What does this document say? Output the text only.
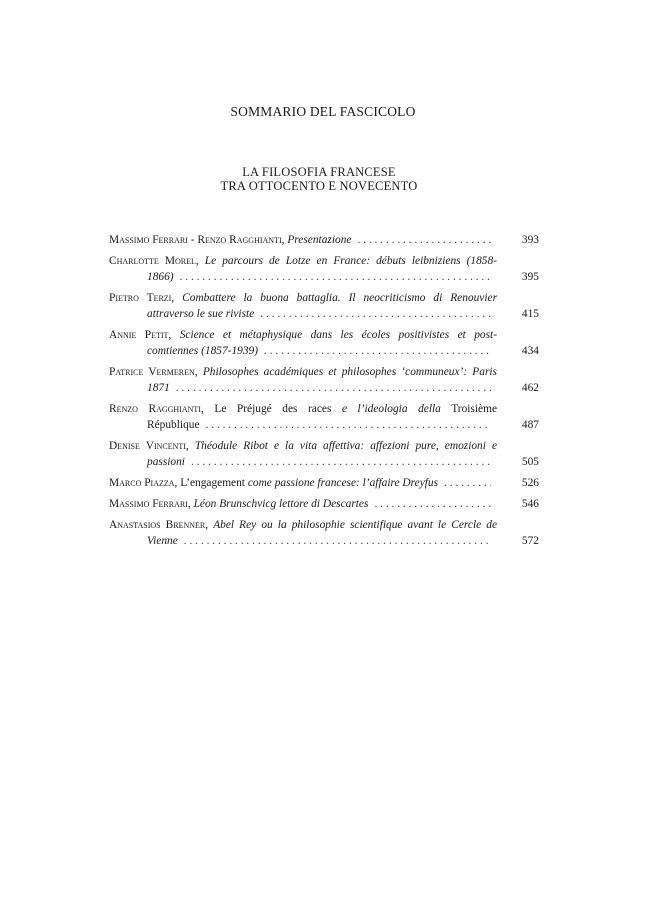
SOMMARIO DEL FASCICOLO
LA FILOSOFIA FRANCESE
TRA OTTOCENTO E NOVECENTO
Massimo Ferrari - Renzo Ragghianti, Presentazione . . .	393
Charlotte Morel, Le parcours de Lotze en France: débuts leibniziens (1858-
1866) . . .	395
Pietro Terzi, Combattere la buona battaglia. Il neocriticismo di Renouvier
attraverso le sue riviste . . .	415
Annie Petit, Science et métaphysique dans les écoles positivistes et post-
comtiennes (1857-1939) . . .	434
Patrice Vermeren, Philosophes académiques et philosophes ‘communeux’: Paris
1871 . . .	462
Renzo Ragghianti, Le Préjugé des races e l’ideologia della Troisième
République . . .	487
Denise Vincenti, Théodule Ribot e la vita affettiva: affezioni pure, emozioni e
passioni . . .	505
Marco Piazza, L’engagement come passione francese: l’affaire Dreyfus . . .	526
Massimo Ferrari, Léon Brunschvicg lettore di Descartes . . .	546
Anastasios Brenner, Abel Rey ou la philosophie scientifique avant le Cercle de
Vienne . . .	572
